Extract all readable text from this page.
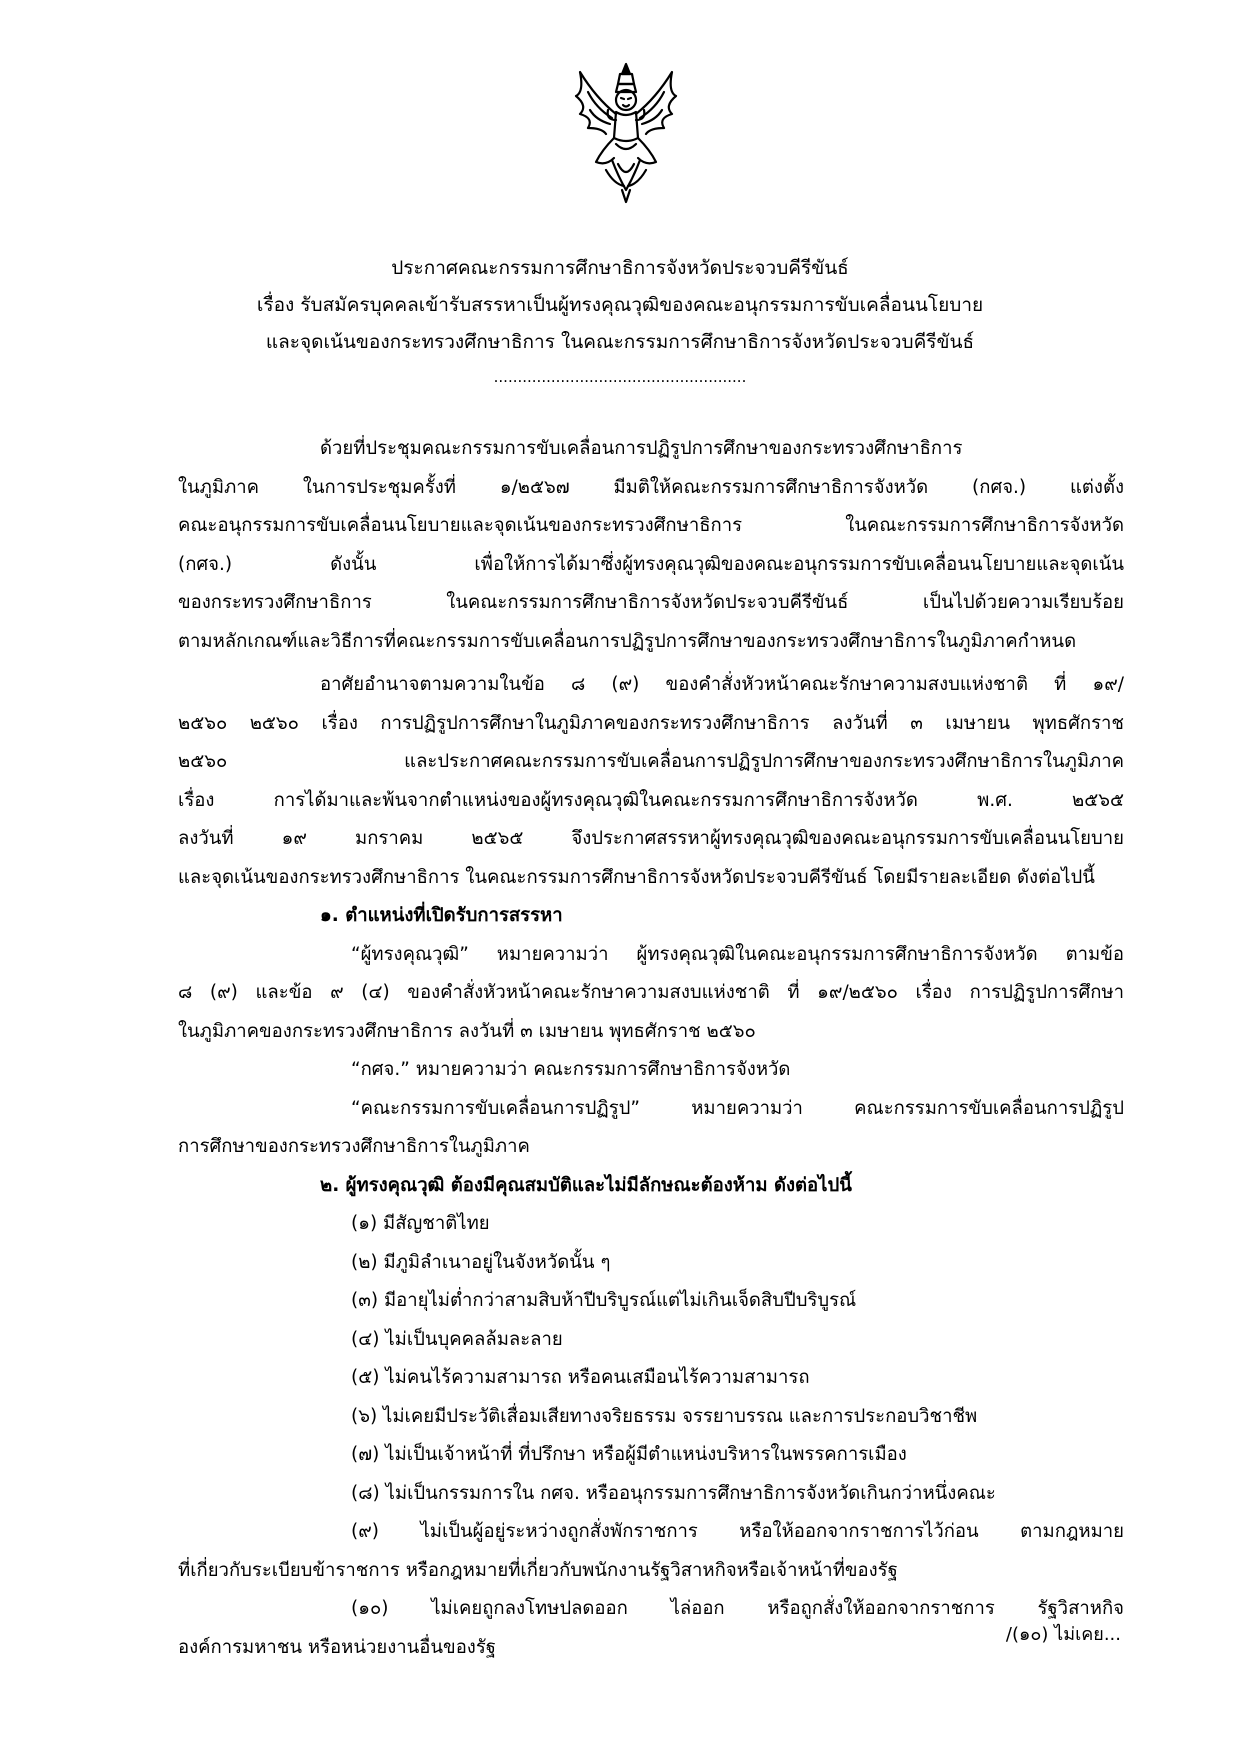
ประกาศคณะกรรมการศึกษาธิการจังหวัดประจวบคีรีขันธ์
เรื่อง รับสมัครบุคคลเข้ารับสรรหาเป็นผู้ทรงคุณวุฒิของคณะอนุกรรมการขับเคลื่อนนโยบาย
และจุดเน้นของกระทรวงศึกษาธิการ ในคณะกรรมการศึกษาธิการจังหวัดประจวบคีรีขันธ์
.....................................................

ด้วยที่ประชุมคณะกรรมการขับเคลื่อนการปฏิรูปการศึกษาของกระทรวงศึกษาธิการ

ในภูมิภาค ในการประชุมครั้งที่ ๑/๒๕๖๗ มีมติให้คณะกรรมการศึกษาธิการจังหวัด (กศจ.) แต่งตั้ง

คณะอนุกรรมการขับเคลื่อนนโยบายและจุดเน้นของกระทรวงศึกษาธิการ ในคณะกรรมการศึกษาธิการจังหวัด

(กศจ.) ดังนั้น เพื่อให้การได้มาซึ่งผู้ทรงคุณวุฒิของคณะอนุกรรมการขับเคลื่อนนโยบายและจุดเน้น

ของกระทรวงศึกษาธิการ ในคณะกรรมการศึกษาธิการจังหวัดประจวบคีรีขันธ์ เป็นไปด้วยความเรียบร้อย

ตามหลักเกณฑ์และวิธีการที่คณะกรรมการขับเคลื่อนการปฏิรูปการศึกษาของกระทรวงศึกษาธิการในภูมิภาคกำหนด

อาศัยอำนาจตามความในข้อ ๘ (๙) ของคำสั่งหัวหน้าคณะรักษาความสงบแห่งชาติ ที่ ๑๙/

๒๕๖๐ ๒๕๖๐ เรื่อง การปฏิรูปการศึกษาในภูมิภาคของกระทรวงศึกษาธิการ ลงวันที่ ๓ เมษายน พุทธศักราช

๒๕๖๐ และประกาศคณะกรรมการขับเคลื่อนการปฏิรูปการศึกษาของกระทรวงศึกษาธิการในภูมิภาค

เรื่อง การได้มาและพ้นจากตำแหน่งของผู้ทรงคุณวุฒิในคณะกรรมการศึกษาธิการจังหวัด พ.ศ. ๒๕๖๕

ลงวันที่ ๑๙ มกราคม ๒๕๖๕ จึงประกาศสรรหาผู้ทรงคุณวุฒิของคณะอนุกรรมการขับเคลื่อนนโยบาย

และจุดเน้นของกระทรวงศึกษาธิการ ในคณะกรรมการศึกษาธิการจังหวัดประจวบคีรีขันธ์ โดยมีรายละเอียด ดังต่อไปนี้

๑. ตำแหน่งที่เปิดรับการสรรหา

“ผู้ทรงคุณวุฒิ” หมายความว่า ผู้ทรงคุณวุฒิในคณะอนุกรรมการศึกษาธิการจังหวัด ตามข้อ

๘ (๙) และข้อ ๙ (๔) ของคำสั่งหัวหน้าคณะรักษาความสงบแห่งชาติ ที่ ๑๙/๒๕๖๐ เรื่อง การปฏิรูปการศึกษา

ในภูมิภาคของกระทรวงศึกษาธิการ ลงวันที่ ๓ เมษายน พุทธศักราช ๒๕๖๐

“กศจ.” หมายความว่า คณะกรรมการศึกษาธิการจังหวัด

“คณะกรรมการขับเคลื่อนการปฏิรูป” หมายความว่า คณะกรรมการขับเคลื่อนการปฏิรูป

การศึกษาของกระทรวงศึกษาธิการในภูมิภาค

๒. ผู้ทรงคุณวุฒิ ต้องมีคุณสมบัติและไม่มีลักษณะต้องห้าม ดังต่อไปนี้
(๑) มีสัญชาติไทย
(๒) มีภูมิลำเนาอยู่ในจังหวัดนั้น ๆ
(๓) มีอายุไม่ต่ำกว่าสามสิบห้าปีบริบูรณ์แต่ไม่เกินเจ็ดสิบปีบริบูรณ์
(๔) ไม่เป็นบุคคลล้มละลาย
(๕) ไม่คนไร้ความสามารถ หรือคนเสมือนไร้ความสามารถ
(๖) ไม่เคยมีประวัติเสื่อมเสียทางจริยธรรม จรรยาบรรณ และการประกอบวิชาชีพ
(๗) ไม่เป็นเจ้าหน้าที่ ที่ปรึกษา หรือผู้มีตำแหน่งบริหารในพรรคการเมือง
(๘) ไม่เป็นกรรมการใน กศจ. หรืออนุกรรมการศึกษาธิการจังหวัดเกินกว่าหนึ่งคณะ

(๙) ไม่เป็นผู้อยู่ระหว่างถูกสั่งพักราชการ หรือให้ออกจากราชการไว้ก่อน ตามกฎหมาย

ที่เกี่ยวกับระเบียบข้าราชการ หรือกฎหมายที่เกี่ยวกับพนักงานรัฐวิสาหกิจหรือเจ้าหน้าที่ของรัฐ

(๑๐) ไม่เคยถูกลงโทษปลดออก ไล่ออก หรือถูกสั่งให้ออกจากราชการ รัฐวิสาหกิจ

องค์การมหาชน หรือหน่วยงานอื่นของรัฐ

/(๑๐) ไม่เคย...
